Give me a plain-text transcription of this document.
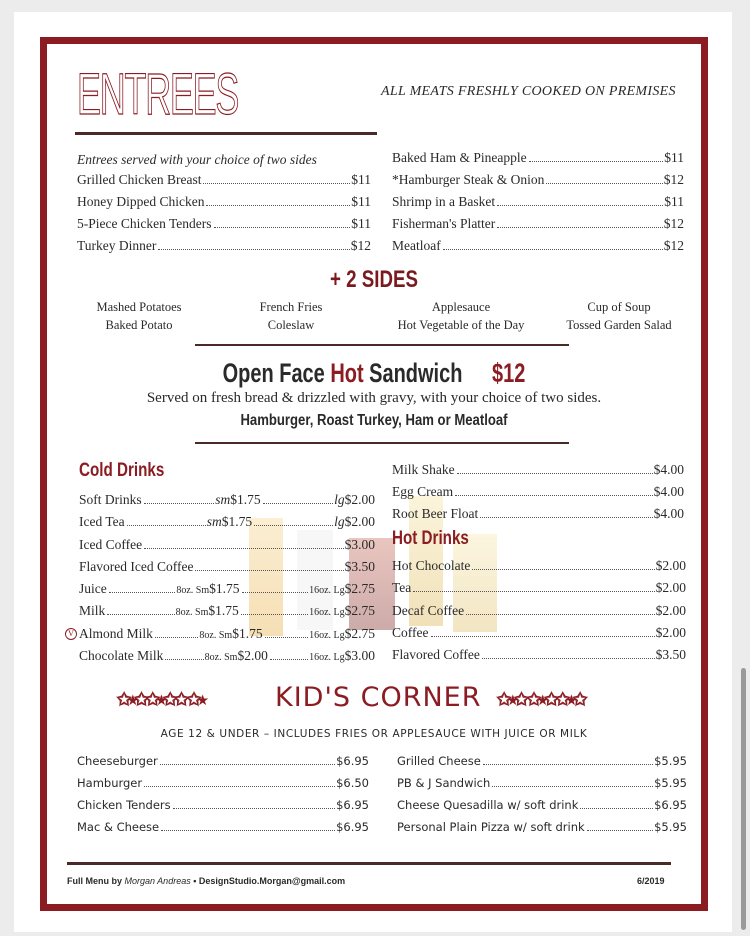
ENTREES	ALL MEATS FRESHLY COOKED ON PREMISES
Entrees served with your choice of two sides
Grilled Chicken Breast	$11
Honey Dipped Chicken	$11
5-Piece Chicken Tenders	$11
Turkey Dinner	$12
Baked Ham & Pineapple	$11
*Hamburger Steak & Onion	$12
Shrimp in a Basket	$11
Fisherman's Platter	$12
Meatloaf	$12
+ 2 SIDES
Mashed Potatoes
Baked Potato
French Fries
Coleslaw
Applesauce
Hot Vegetable of the Day
Cup of Soup
Tossed Garden Salad
Open Face Hot Sandwich $12
Served on fresh bread & drizzled with gravy, with your choice of two sides.
Hamburger, Roast Turkey, Ham or Meatloaf
Cold Drinks
Soft Drinks	sm $1.75	lg $2.00
Iced Tea	sm $1.75	lg $2.00
Iced Coffee	$3.00
Flavored Iced Coffee	$3.50
Juice	8oz. Sm $1.75	16oz. Lg $2.75
Milk	8oz. Sm $1.75	16oz. Lg $2.75
V Almond Milk	8oz. Sm $1.75	16oz. Lg $2.75
Chocolate Milk	8oz. Sm $2.00	16oz. Lg $3.00
Milk Shake	$4.00
Egg Cream	$4.00
Root Beer Float	$4.00
Hot Drinks
Hot Chocolate	$2.00
Tea	$2.00
Decaf Coffee	$2.00
Coffee	$2.00
Flavored Coffee	$3.50
✩⭒✩✩⭒✩✩ ✩⭒	KID'S CORNER ✩⭒✩ ✩⭒✩✩⭒✩
AGE 12 & UNDER – INCLUDES FRIES OR APPLESAUCE WITH JUICE OR MILK
Cheeseburger	$6.95
Hamburger	$6.50
Chicken Tenders	$6.95
Mac & Cheese	$6.95
Grilled Cheese	$5.95
PB & J Sandwich	$5.95
Cheese Quesadilla w/ soft drink	$6.95
Personal Plain Pizza w/ soft drink	$5.95
Full Menu by Morgan Andreas • DesignStudio.Morgan@gmail.com	6/2019
